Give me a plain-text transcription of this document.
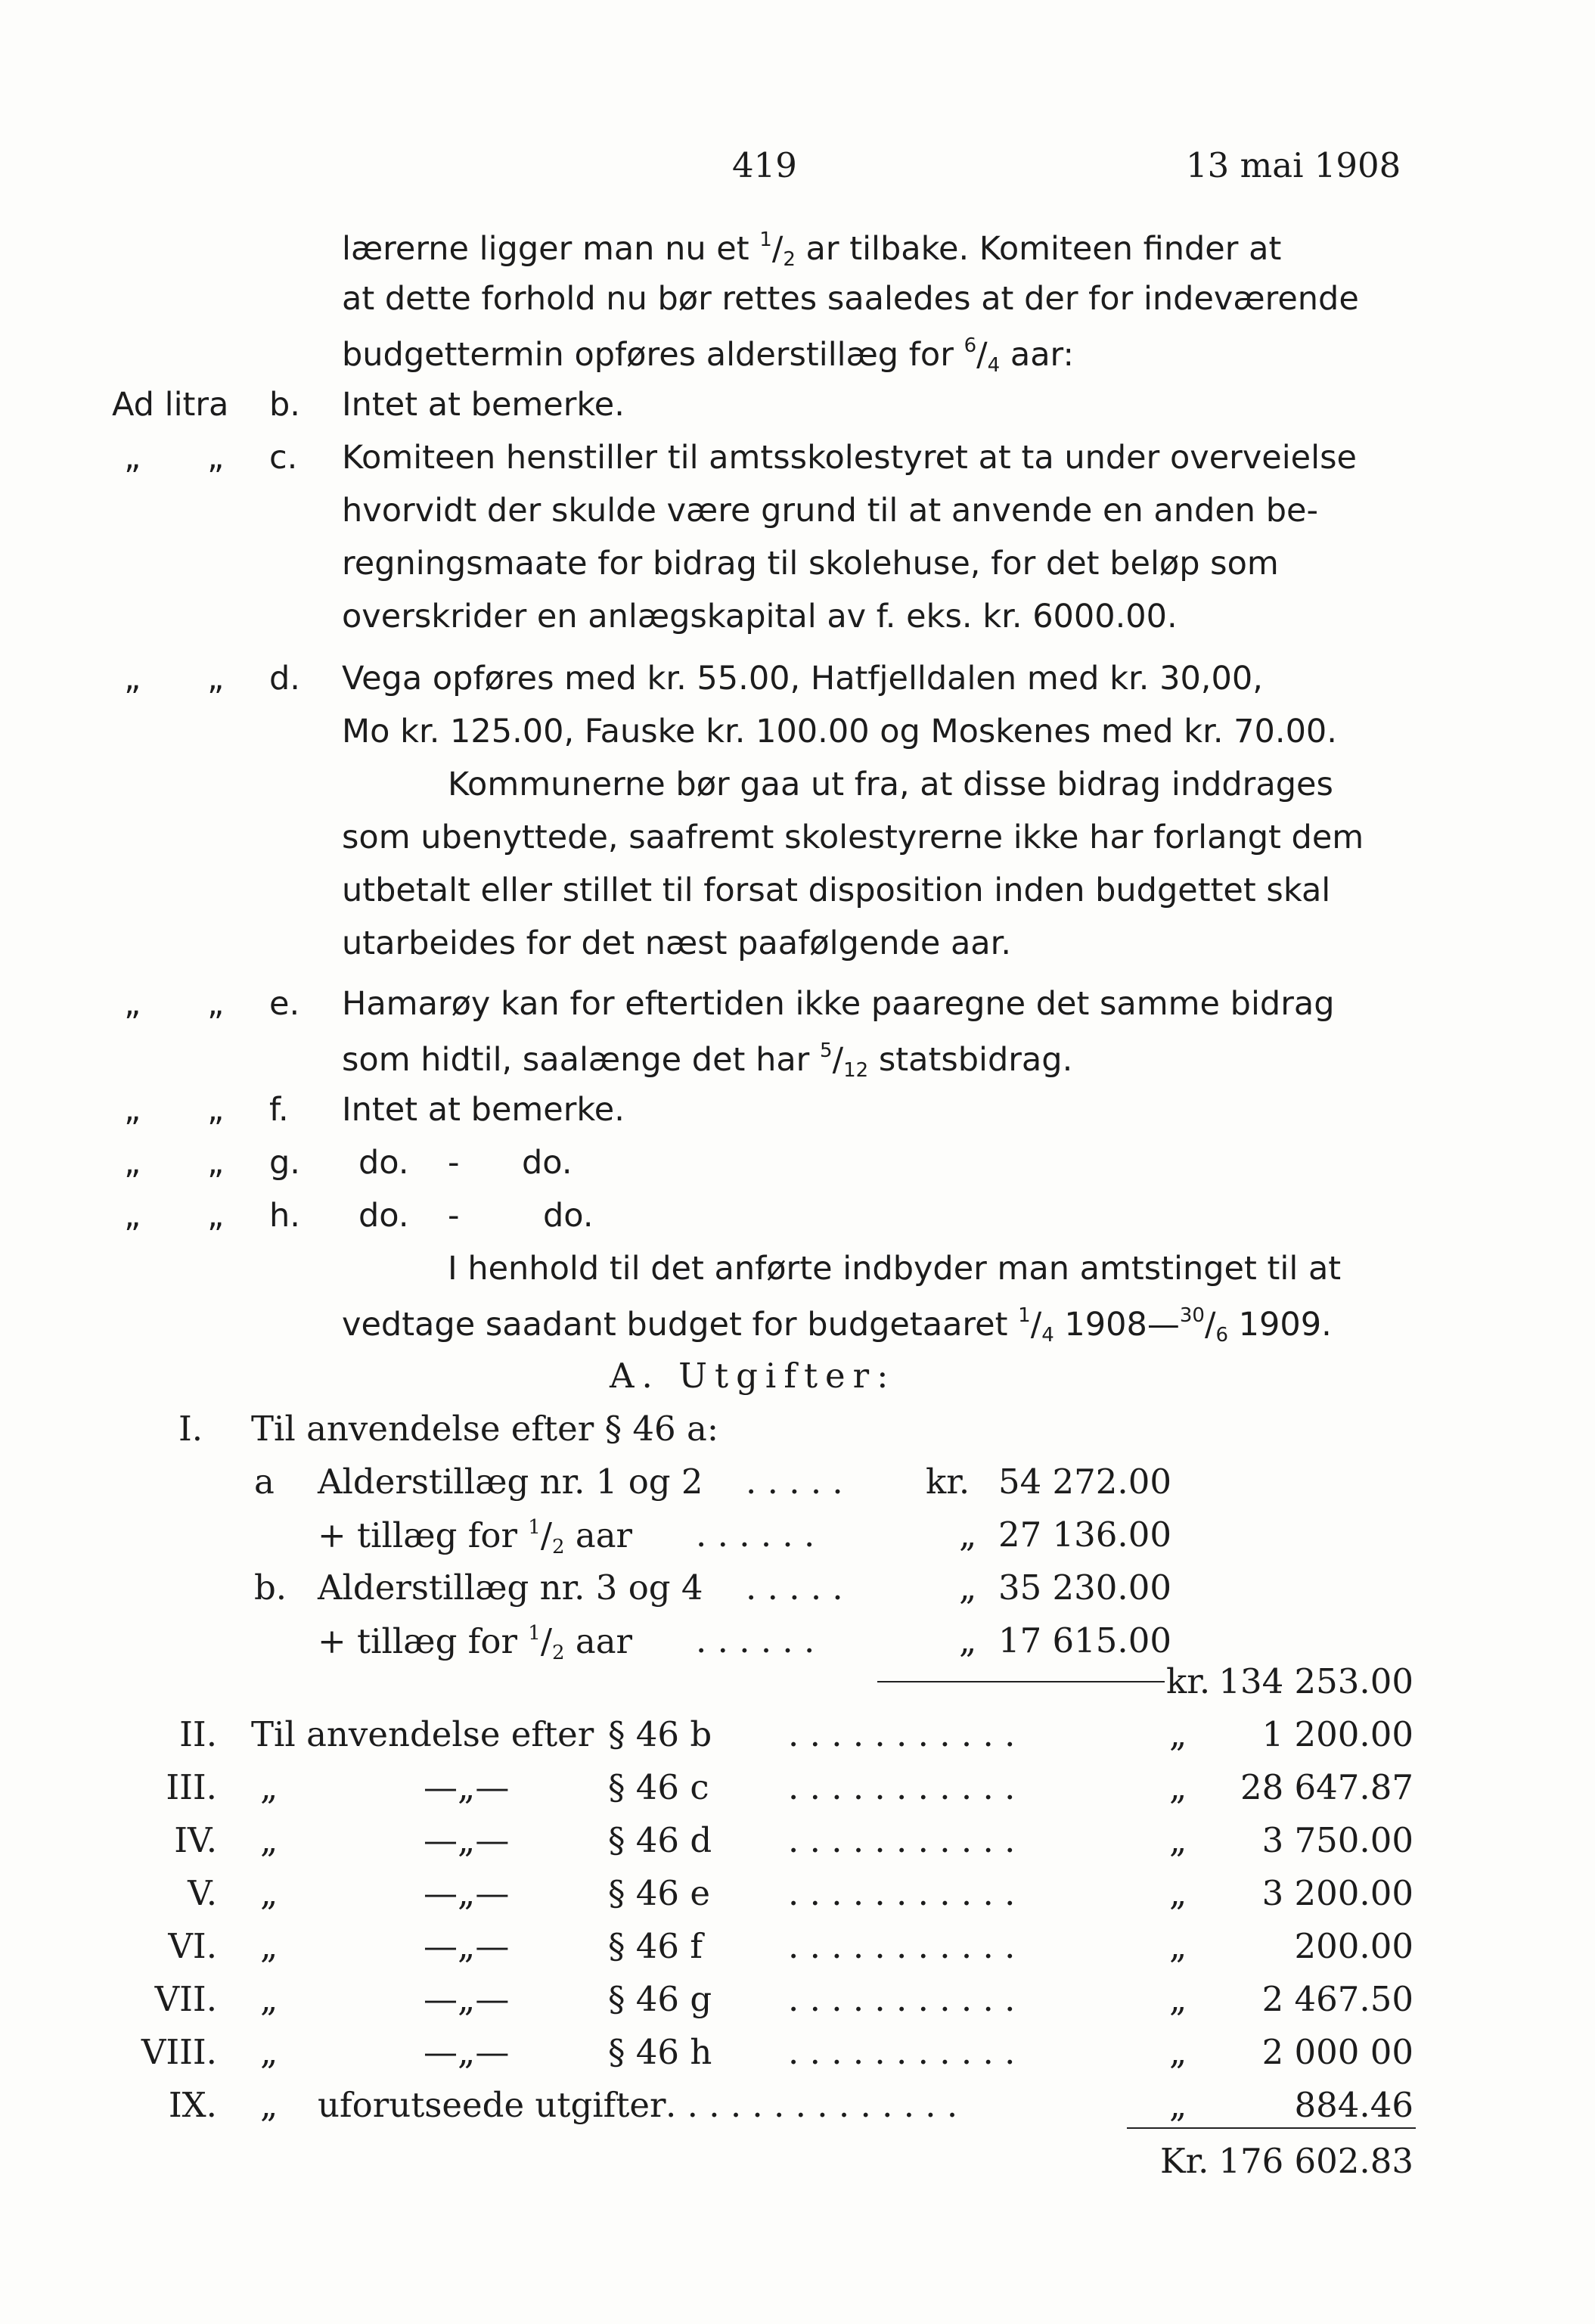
419	13 mai 1908
lærerne ligger man nu et $^1/_2$ ar tilbake. Komiteen finder at
at dette forhold nu bør rettes saaledes at der for indeværende
budgettermin opføres alderstillæg for $^6/_4$ aar:
Ad litra b. Intet at bemerke.
„ „ c. Komiteen henstiller til amtsskolestyret at ta under overveielse
hvorvidt der skulde være grund til at anvende en anden be-
regningsmaate for bidrag til skolehuse, for det beløp som
overskrider en anlægskapital av f. eks. kr. 6000.00.
„ „ d. Vega opføres med kr. 55.00, Hatfjelldalen med kr. 30,00,
Mo kr. 125.00, Fauske kr. 100.00 og Moskenes med kr. 70.00.
Kommunerne bør gaa ut fra, at disse bidrag inddrages
som ubenyttede, saafremt skolestyrerne ikke har forlangt dem
utbetalt eller stillet til forsat disposition inden budgettet skal
utarbeides for det næst paafølgende aar.
„ „ e. Hamarøy kan for eftertiden ikke paaregne det samme bidrag
som hidtil, saalænge det har $^5/_{12}$ statsbidrag.
„ „ f. Intet at bemerke.
„ „ g. do. - do.
„ „ h. do. -	do.
I henhold til det anførte indbyder man amtstinget til at
vedtage saadant budget for budgetaaret $^1/_4$ $1908—^{30}/_6$ 1909.
A. Utgifter:
I. Til anvendelse efter § 46 a:
a Alderstillæg nr. 1 og 2 . . . . . kr. 54 272.00
+ tillæg for $^1/_2$ aar . . . . . .	„ 27 136.00
b. Alderstillæg nr. 3 og 4 . . . . .	„ 35 230.00
+ tillæg for $^1/_2$ aar . . . . . .	„ 17 615.00
kr. 134 253.00
II. Til anvendelse efter § 46 b . . . . . . . . . . .	„ 1 200.00
III. „	—„—	§ 46 c . . . . . . . . . . .	„ 28 647.87
IV. „	—„—	§ 46 d . . . . . . . . . . .	„ 3 750.00
V. „	—„—	§ 46 e . . . . . . . . . . .	„ 3 200.00
VI. „	—„—	§ 46 f	. . . . . . . . . . .	„	200.00
VII. „	—„—	§ 46 g . . . . . . . . . . .	„ 2 467.50
VIII. „	—„—	§ 46 h . . . . . . . . . . .	„ 2 000 00
IX. „ uforutseede utgifter . . . . . . . . . . . . . .	„	884.46
Kr. 176 602.83
